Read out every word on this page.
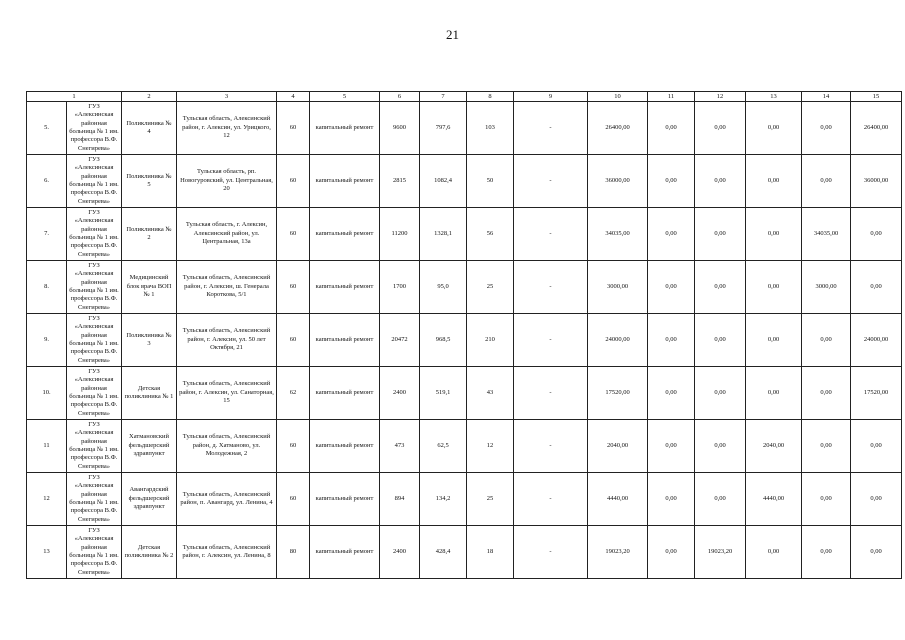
21
1		2	3	4	5	6	7	8	9	10	11	12	13	14	15
5.	ГУЗ «Алексинская районная больница № 1 им. профессора В.Ф. Снегирева»	Поликлиника № 4	Тульская область, Алексинский район, г. Алексин, ул. Урицкого, 12	60	капитальный ремонт	9600	797,6	103	-	26400,00	0,00	0,00	0,00	0,00	26400,00
6.	ГУЗ «Алексинская районная больница № 1 им. профессора В.Ф. Снегирева»	Поликлиника № 5	Тульская область, рп. Новогуровский, ул. Центральная, 20	60	капитальный ремонт	2815	1082,4	50	-	36000,00	0,00	0,00	0,00	0,00	36000,00
7.	ГУЗ «Алексинская районная больница № 1 им. профессора В.Ф. Снегирева»	Поликлиника № 2	Тульская область, г. Алексин, Алексинский район, ул. Центральная, 13а	60	капитальный ремонт	11200	1328,1	56	-	34035,00	0,00	0,00	0,00	34035,00	0,00
8.	ГУЗ «Алексинская районная больница № 1 им. профессора В.Ф. Снегирева»	Медицинский блок врача ВОП № 1	Тульская область, Алексинский район, г. Алексин, ш. Генерала Короткова, 5/1	60	капитальный ремонт	1700	95,0	25	-	3000,00	0,00	0,00	0,00	3000,00	0,00
9.	ГУЗ «Алексинская районная больница № 1 им. профессора В.Ф. Снегирева»	Поликлиника № 3	Тульская область, Алексинский район, г. Алексин, ул. 50 лет Октября, 21	60	капитальный ремонт	20472	968,5	210	-	24000,00	0,00	0,00	0,00	0,00	24000,00
10.	ГУЗ «Алексинская районная больница № 1 им. профессора В.Ф. Снегирева»	Детская поликлиника № 1	Тульская область, Алексинский район, г. Алексин, ул. Санаторная, 15	62	капитальный ремонт	2400	519,1	43	-	17520,00	0,00	0,00	0,00	0,00	17520,00
11	ГУЗ «Алексинская районная больница № 1 им. профессора В.Ф. Снегирева»	Хатмановский фельдшерский здравпункт	Тульская область, Алексинский район, д. Хатманово, ул. Молодежная, 2	60	капитальный ремонт	473	62,5	12	-	2040,00	0,00	0,00	2040,00	0,00	0,00
12	ГУЗ «Алексинская районная больница № 1 им. профессора В.Ф. Снегирева»	Авангардский фельдшерский здравпункт	Тульская область, Алексинский район, п. Авангард, ул. Ленина, 4	60	капитальный ремонт	894	134,2	25	-	4440,00	0,00	0,00	4440,00	0,00	0,00
13	ГУЗ «Алексинская районная больница № 1 им. профессора В.Ф. Снегирева»	Детская поликлиника № 2	Тульская область, Алексинский район, г. Алексин, ул. Ленина, 8	80	капитальный ремонт	2400	428,4	18	-	19023,20	0,00	19023,20	0,00	0,00	0,00
